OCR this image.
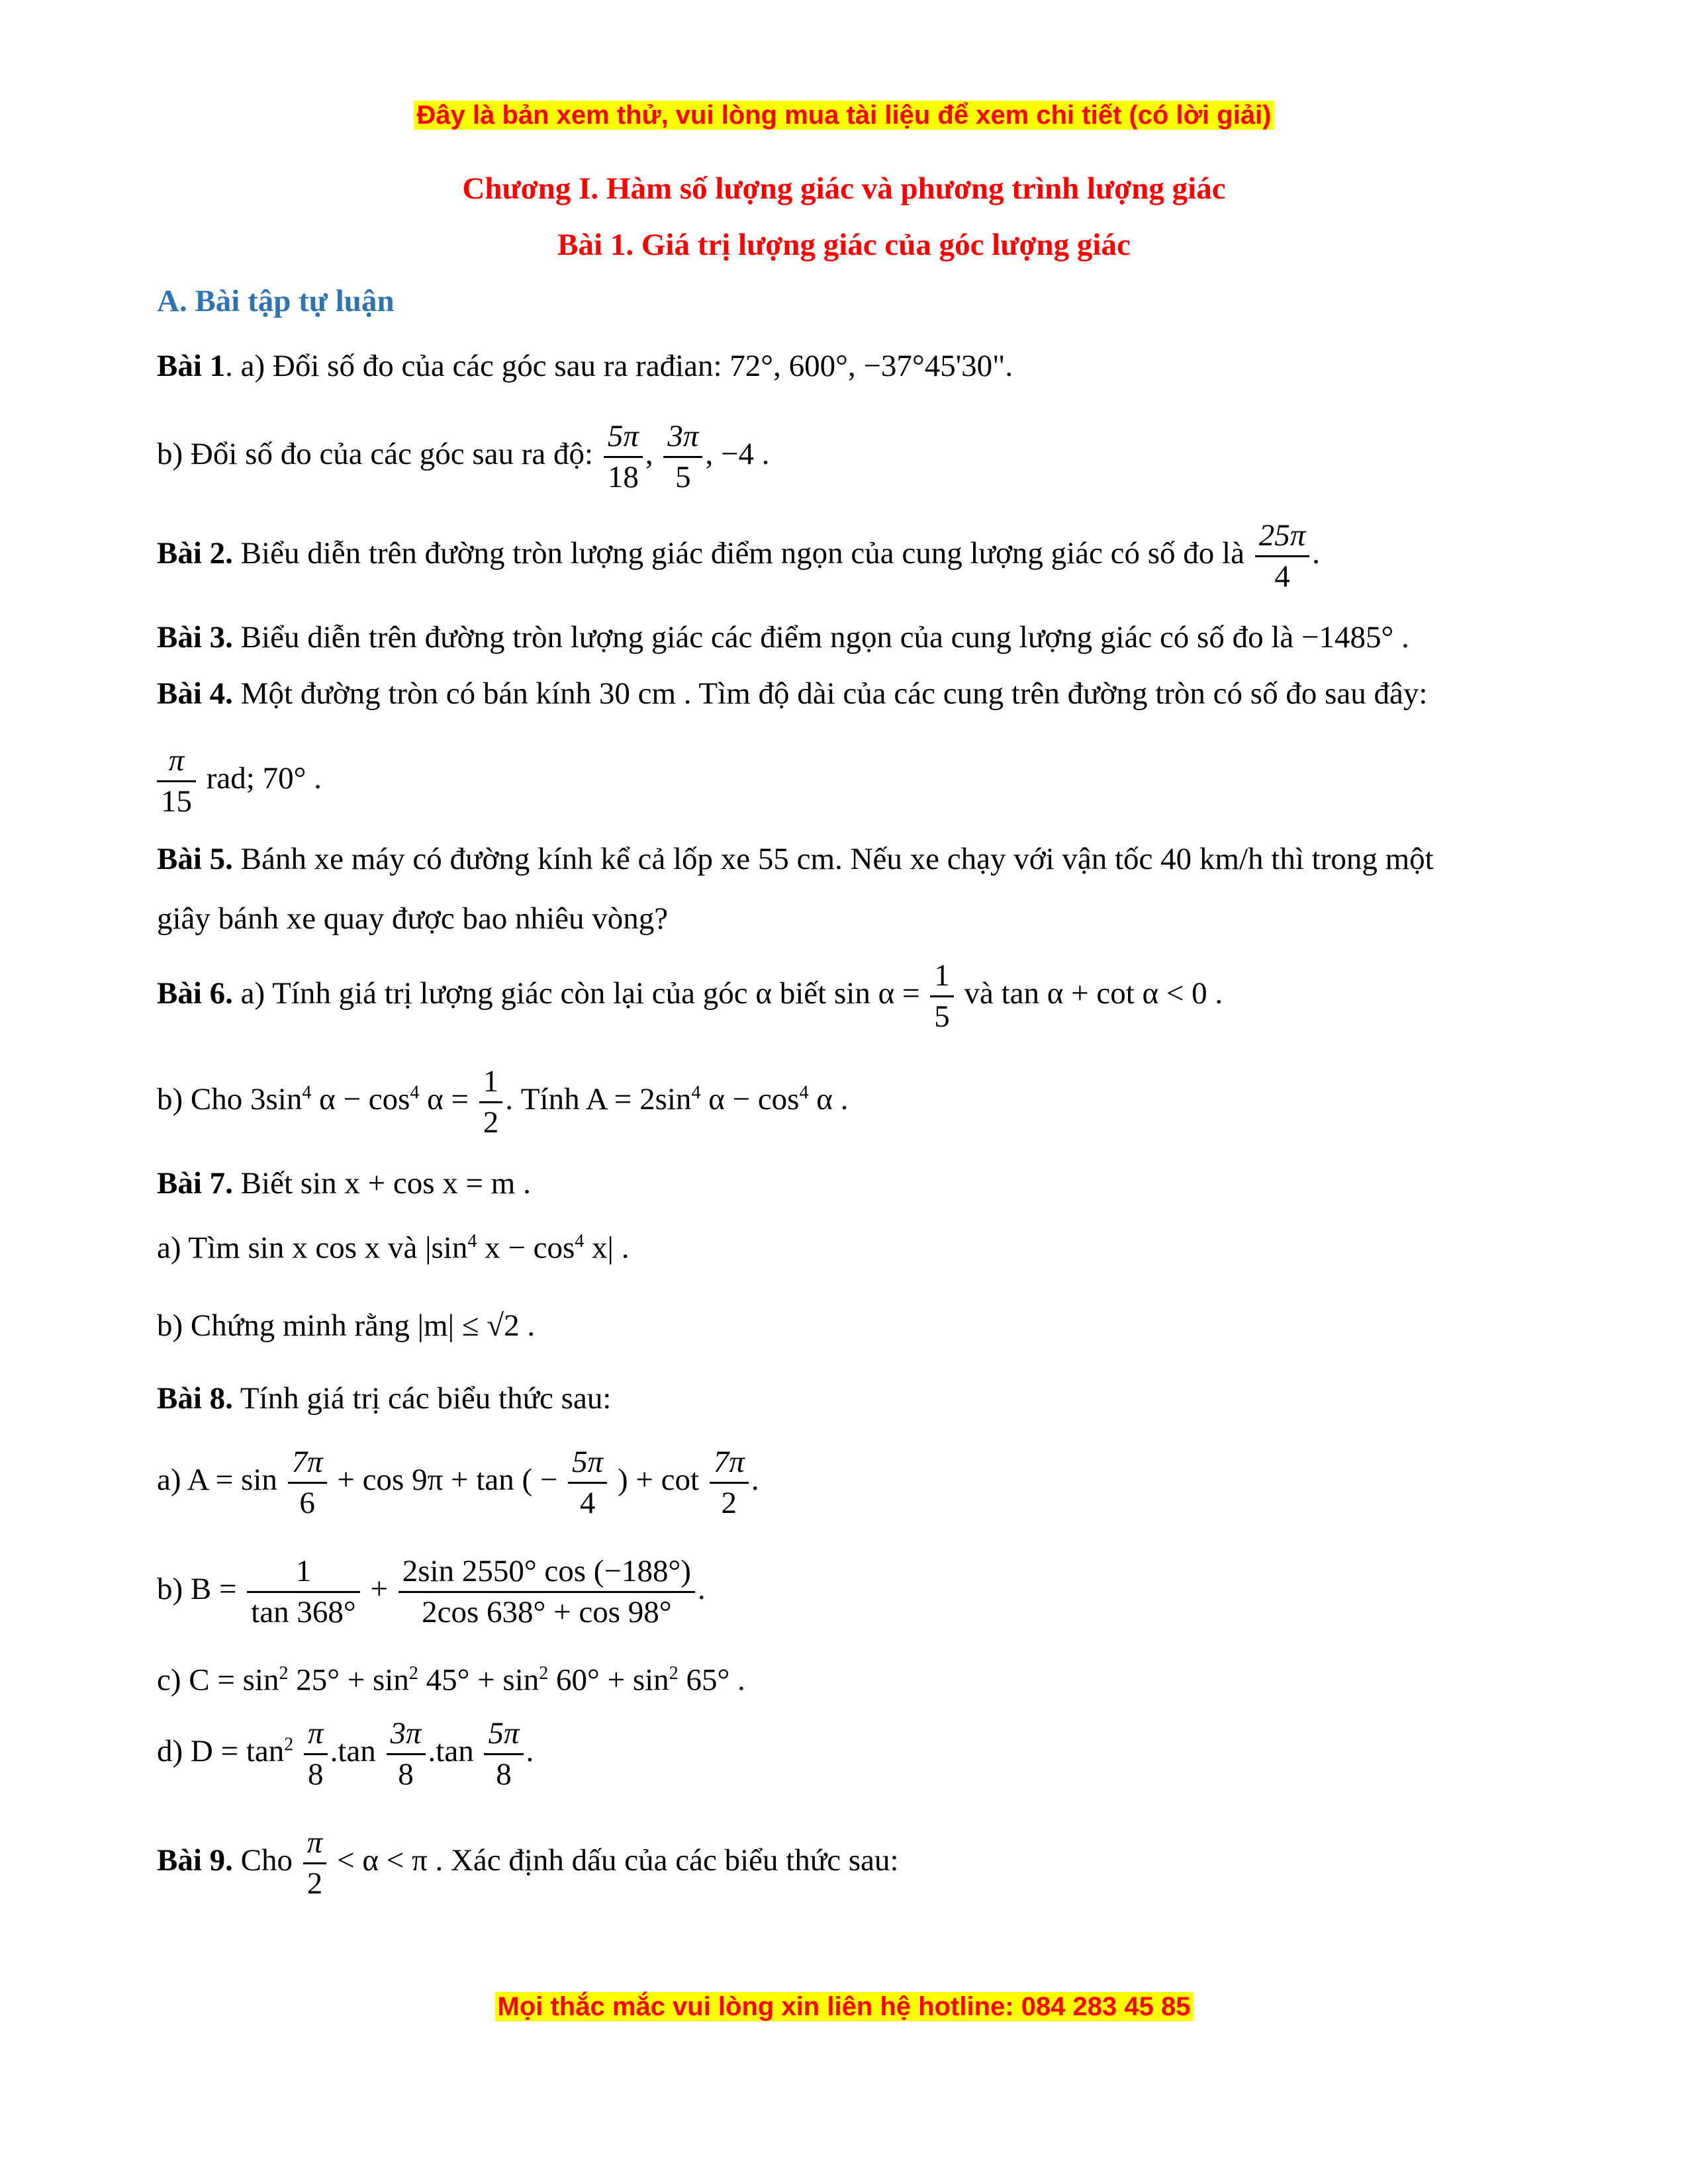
Đây là bản xem thử, vui lòng mua tài liệu để xem chi tiết (có lời giải)
Chương I. Hàm số lượng giác và phương trình lượng giác
Bài 1. Giá trị lượng giác của góc lượng giác
A. Bài tập tự luận
Bài 1. a) Đổi số đo của các góc sau ra rađian: 72°, 600°, −37°45'30".
b) Đổi số đo của các góc sau ra độ: $\frac{5\pi}{18}$ , $\frac{3\pi}{5}$ , −4 .
Bài 2. Biểu diễn trên đường tròn lượng giác điểm ngọn của cung lượng giác có số đo là $\frac{25\pi}{4}$ .
Bài 3. Biểu diễn trên đường tròn lượng giác các điểm ngọn của cung lượng giác có số đo là −1485° .
Bài 4. Một đường tròn có bán kính 30 cm . Tìm độ dài của các cung trên đường tròn có số đo sau đây:
$\frac{\pi}{15}$ rad; 70° .
Bài 5. Bánh xe máy có đường kính kể cả lốp xe 55 cm. Nếu xe chạy với vận tốc 40 km/h thì trong một
giây bánh xe quay được bao nhiêu vòng?
Bài 6. a) Tính giá trị lượng giác còn lại của góc α biết $\sin \alpha = \frac{1}{5}$ và tan α + cot α < 0 .
b) Cho $3\sin^4$ $\alpha - \cos^4 \alpha = \frac{1}{2}$ . Tính $A = 2\sin^4$ $\alpha - \cos^4 \alpha$ .
Bài 7. Biết sin x + cos x = m .
a) Tìm sin x cos x và $|\sin^4$ $x - \cos^4 x|$ .
b) Chứng minh rằng |m| ≤ √2 .
Bài 8. Tính giá trị các biểu thức sau:
a) $A = \sin \frac{7\pi}{6} + \cos 9\pi + \tan$ ( − $\frac{5\pi}{4}$ ) + $\cot \frac{7\pi}{2}$ .
b) $B = \frac{1}{\tan 368^\circ} + \frac{2\sin 2550^\circ \cos (-188^\circ)}{2\cos 638^\circ + \cos 98^\circ}$ .
c) $C = \sin^2 25^\circ + \sin^2 45^\circ + \sin^2 60^\circ + \sin^2 65^\circ$ .
d) $D = \tan^2 \frac{\pi}{8} .\tan \frac{3\pi}{8} .\tan \frac{5\pi}{8}$ .
Bài 9. Cho $\frac{\pi}{2} < \alpha < \pi$ . Xác định dấu của các biểu thức sau:
Mọi thắc mắc vui lòng xin liên hệ hotline: 084 283 45 85
